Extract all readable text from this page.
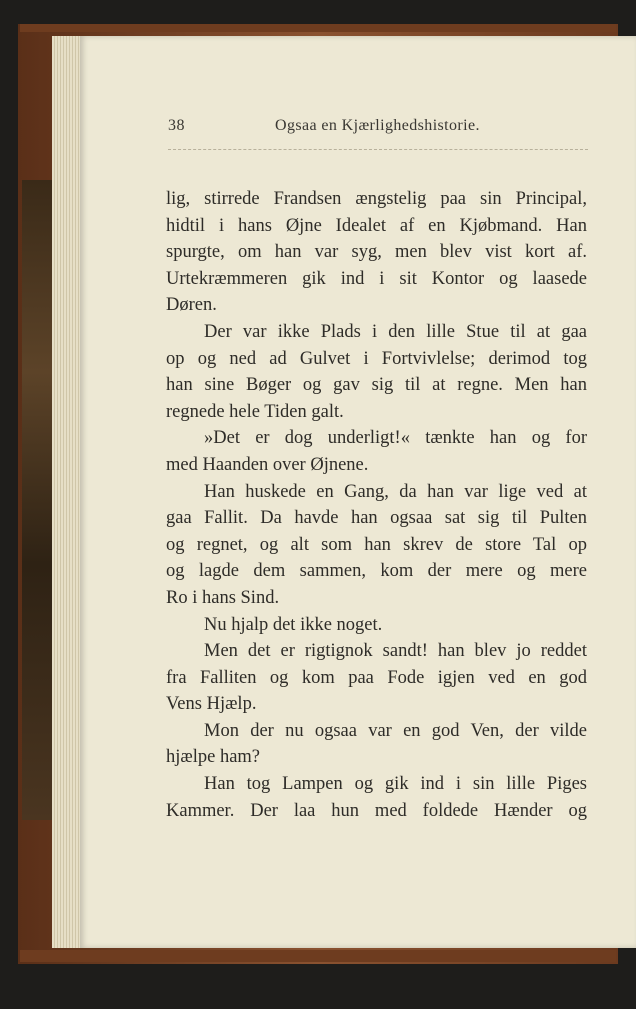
38	Ogsaa en Kjærlighedshistorie.
lig, stirrede Frandsen ængstelig paa sin Principal,
hidtil i hans Øjne Idealet af en Kjøbmand. Han
spurgte, om han var syg, men blev vist kort af.
Urtekræmmeren gik ind i sit Kontor og laasede
Døren.
Der var ikke Plads i den lille Stue til at gaa
op og ned ad Gulvet i Fortvivlelse; derimod tog
han sine Bøger og gav sig til at regne. Men han
regnede hele Tiden galt.
»Det er dog underligt!« tænkte han og for
med Haanden over Øjnene.
Han huskede en Gang, da han var lige ved at
gaa Fallit. Da havde han ogsaa sat sig til Pulten
og regnet, og alt som han skrev de store Tal op
og lagde dem sammen, kom der mere og mere
Ro i hans Sind.
Nu hjalp det ikke noget.
Men det er rigtignok sandt! han blev jo reddet
fra Falliten og kom paa Fode igjen ved en god
Vens Hjælp.
Mon der nu ogsaa var en god Ven, der vilde
hjælpe ham?
Han tog Lampen og gik ind i sin lille Piges
Kammer. Der laa hun med foldede Hænder og
